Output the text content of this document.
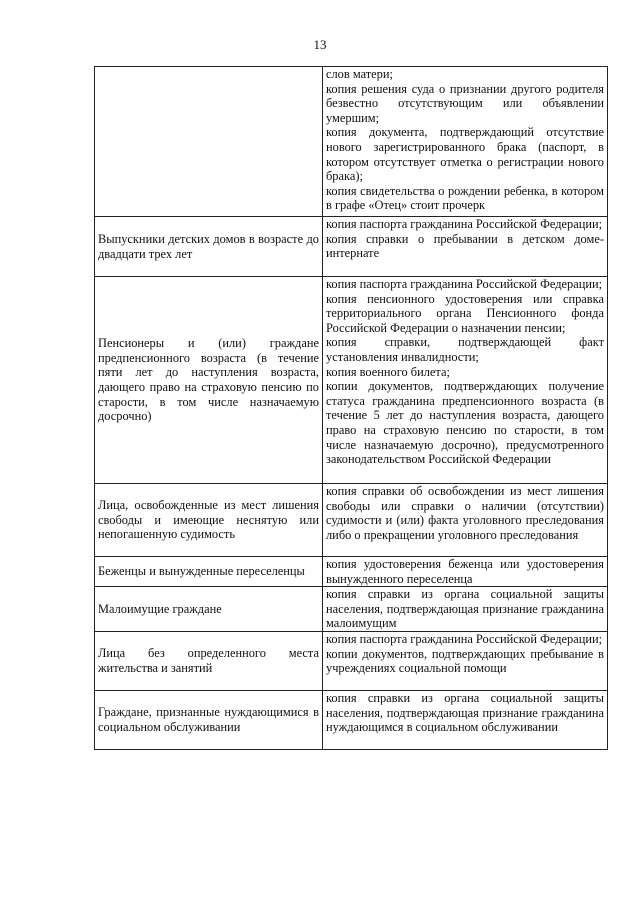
13

	слов матери;

копия решения суда о признании другого родителя безвестно отсутствующим или объявлении умершим;

копия документа, подтверждающий отсутствие нового зарегистрированного брака (паспорт, в котором отсутствует отметка о регистрации нового брака);

копия свидетельства о рождении ребенка, в котором в графе «Отец» стоит прочерк

Выпускники детских домов в возрасте до двадцати трех лет	копия паспорта гражданина Российской Федерации;

копия справки о пребывании в детском доме-интернате

Пенсионеры и (или) граждане предпенсионного возраста (в течение пяти лет до наступления возраста, дающего право на страховую пенсию по старости, в том числе назначаемую досрочно)	копия паспорта гражданина Российской Федерации;

копия пенсионного удостоверения или справка территориального органа Пенсионного фонда Российской Федерации о назначении пенсии;

копия справки, подтверждающей факт установления инвалидности;

копия военного билета;

копии документов, подтверждающих получение статуса гражданина предпенсионного возраста (в течение 5 лет до наступления возраста, дающего право на страховую пенсию по старости, в том числе назначаемую досрочно), предусмотренного законодательством Российской Федерации

Лица, освобожденные из мест лишения свободы и имеющие неснятую или непогашенную судимость	копия справки об освобождении из мест лишения свободы или справки о наличии (отсутствии) судимости и (или) факта уголовного преследования либо о прекращении уголовного преследования

Беженцы и вынужденные переселенцы	копия удостоверения беженца или удостоверения вынужденного переселенца

Малоимущие граждане	копия справки из органа социальной защиты населения, подтверждающая признание гражданина малоимущим

Лица без определенного места жительства и занятий	копия паспорта гражданина Российской Федерации;

копии документов, подтверждающих пребывание в учреждениях социальной помощи

Граждане, признанные нуждающимися в социальном обслуживании	копия справки из органа социальной защиты населения, подтверждающая признание гражданина нуждающимся в социальном обслуживании
